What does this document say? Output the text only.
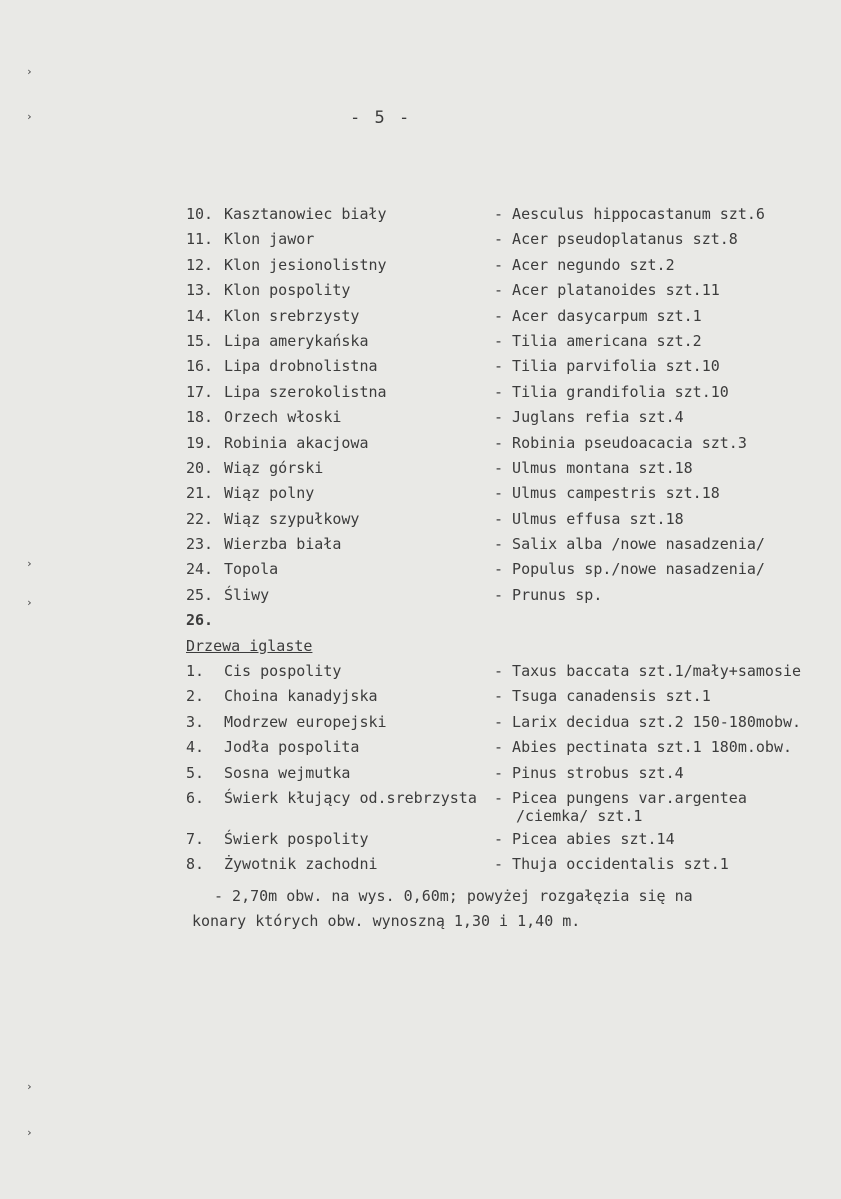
›
›
›
›
›
›
- 5 -
10. Kasztanowiec biały	- Aesculus hippocastanum szt.6
11. Klon jawor	- Acer pseudoplatanus szt.8
12. Klon jesionolistny	- Acer negundo szt.2
13. Klon pospolity	- Acer platanoides szt.11
14. Klon srebrzysty	- Acer dasycarpum szt.1
15. Lipa amerykańska	- Tilia americana szt.2
16. Lipa drobnolistna	- Tilia parvifolia szt.10
17. Lipa szerokolistna	- Tilia grandifolia szt.10
18. Orzech włoski	- Juglans refia szt.4
19. Robinia akacjowa	- Robinia pseudoacacia szt.3
20. Wiąz górski	- Ulmus montana szt.18
21. Wiąz polny	- Ulmus campestris szt.18
22. Wiąz szypułkowy	- Ulmus effusa szt.18
23. Wierzba biała	- Salix alba /nowe nasadzenia/
24. Topola	- Populus sp./nowe nasadzenia/
25. Śliwy	- Prunus sp.
26.
Drzewa iglaste
1.	Cis pospolity	- Taxus baccata szt.1/mały+samosie
2.	Choina kanadyjska	- Tsuga canadensis szt.1
3.	Modrzew europejski	- Larix decidua szt.2 150-180mobw.
4.	Jodła pospolita	- Abies pectinata szt.1 180m.obw.
5.	Sosna wejmutka	- Pinus strobus szt.4
6.	Świerk kłujący od.srebrzysta - Picea pungens var.argentea
/ciemka/ szt.1
7.	Świerk pospolity	- Picea abies szt.14
8.	Żywotnik zachodni	- Thuja occidentalis szt.1
- 2,70m obw. na wys. 0,60m; powyżej rozgałęzia się na
konary których obw. wynoszną 1,30 i 1,40 m.
